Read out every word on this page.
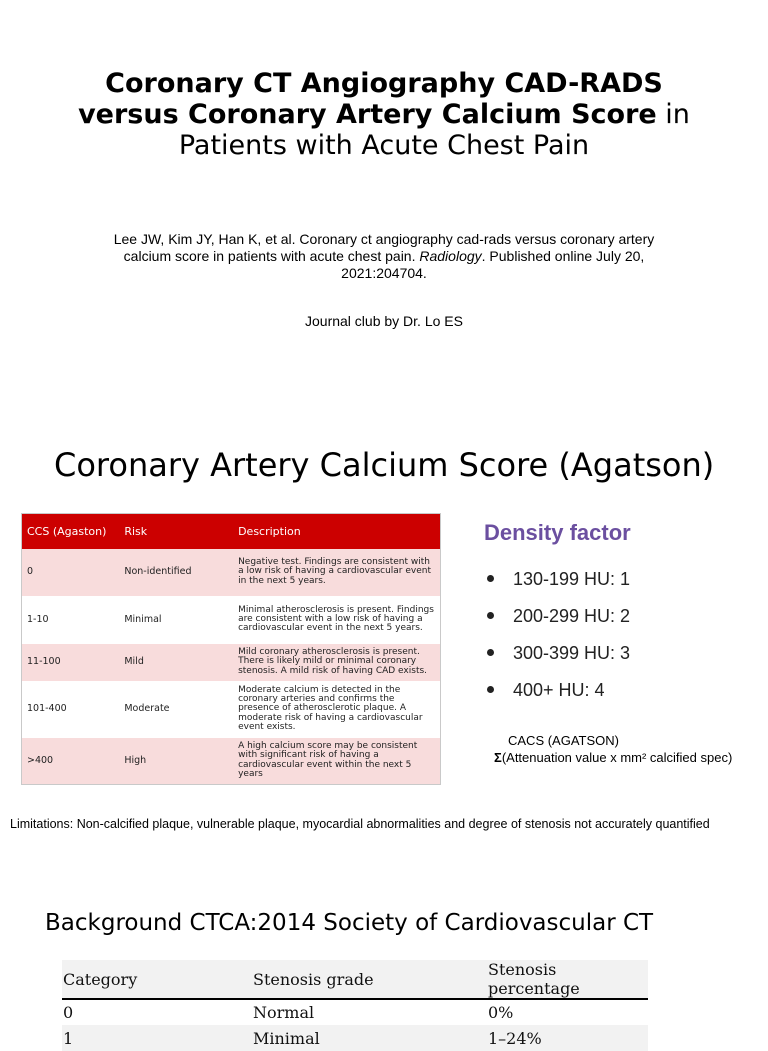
Coronary CT Angiography CAD-RADS versus Coronary Artery Calcium Score in Patients with Acute Chest Pain
Lee JW, Kim JY, Han K, et al. Coronary ct angiography cad-rads versus coronary artery calcium score in patients with acute chest pain. Radiology. Published online July 20, 2021:204704.
Journal club by Dr. Lo ES
Coronary Artery Calcium Score (Agatson)
CCS (Agaston)	Risk	Description
0	Non-identified	Negative test. Findings are consistent with a low risk of having a cardiovascular event in the next 5 years.
1-10	Minimal	Minimal atherosclerosis is present. Findings are consistent with a low risk of having a cardiovascular event in the next 5 years.
11-100	Mild	Mild coronary atherosclerosis is present. There is likely mild or minimal coronary stenosis. A mild risk of having CAD exists.
101-400	Moderate	Moderate calcium is detected in the coronary arteries and confirms the presence of atherosclerotic plaque. A moderate risk of having a cardiovascular event exists.
>400	High	A high calcium score may be consistent with significant risk of having a cardiovascular event within the next 5 years
Density factor
130-199 HU: 1
200-299 HU: 2
300-399 HU: 3
400+ HU: 4
CACS (AGATSON)
Σ(Attenuation value x mm² calcified spec)
Limitations: Non-calcified plaque, vulnerable plaque, myocardial abnormalities and degree of stenosis not accurately quantified
Background CTCA:2014 Society of Cardiovascular CT
Category	Stenosis grade	Stenosis percentage
0	Normal	0%
1	Minimal	1–24%
